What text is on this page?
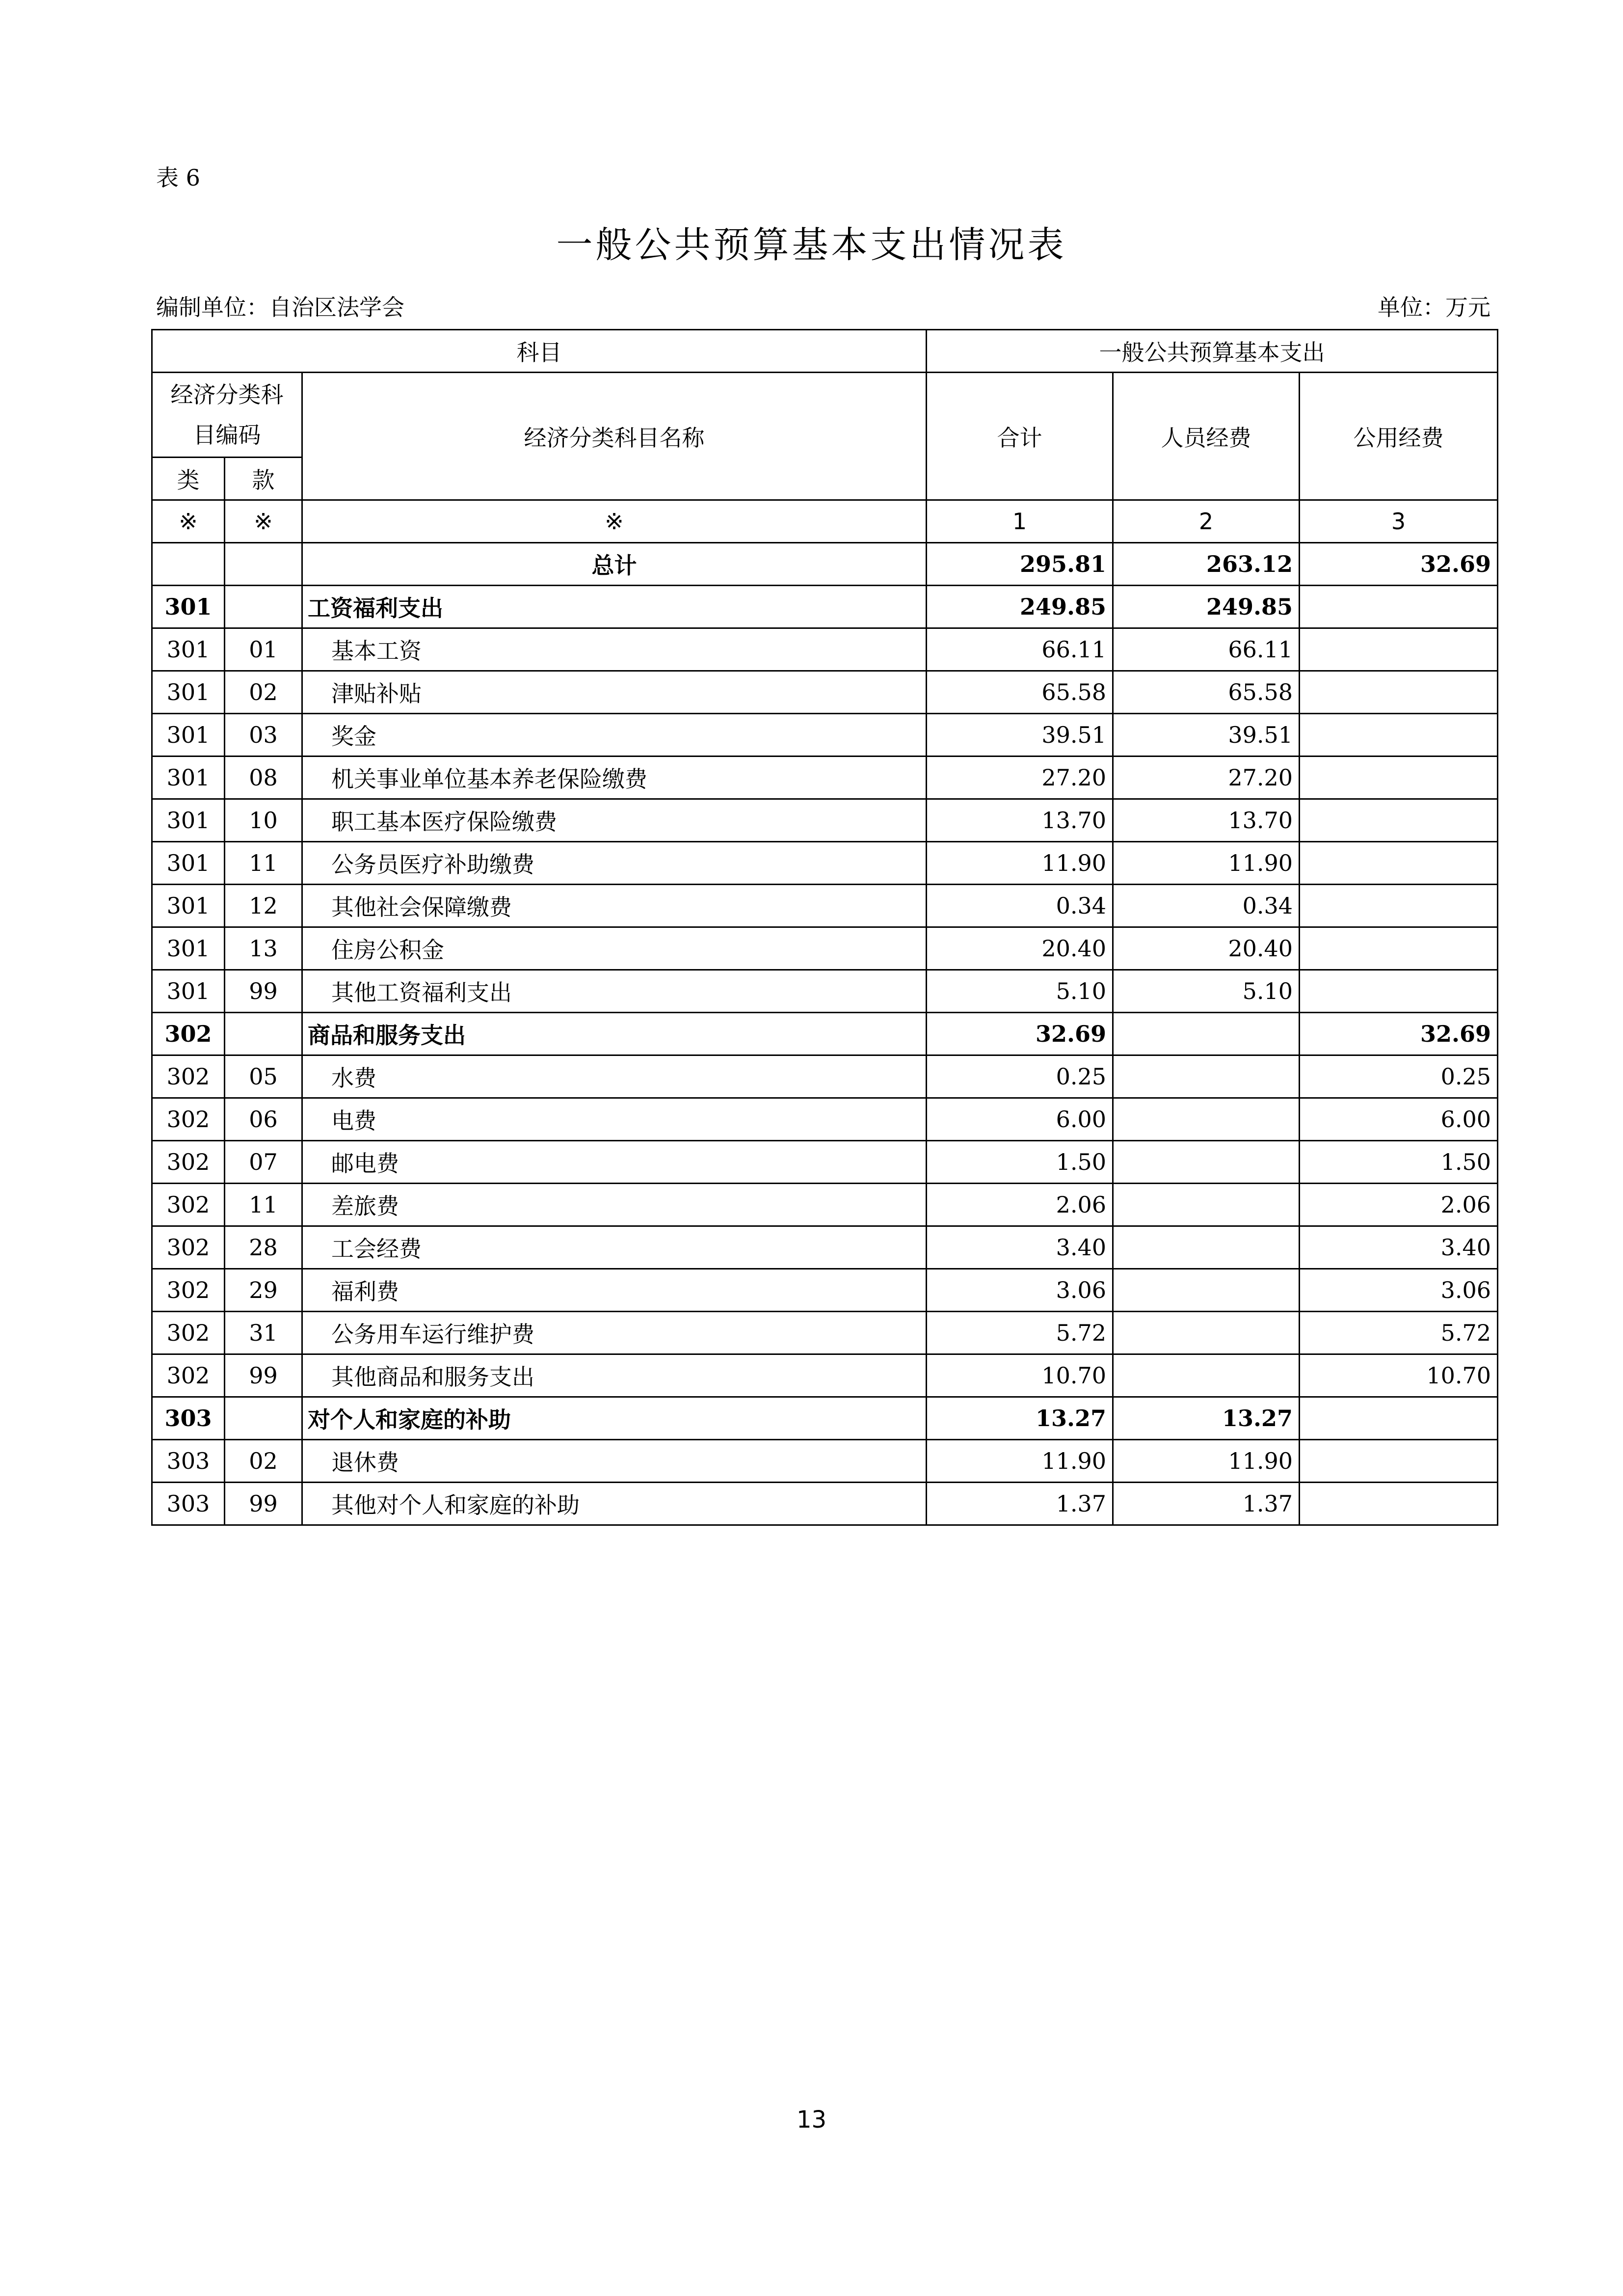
表 6
一般公共预算基本支出情况表
编制单位：自治区法学会	单位：万元
科目			一般公共预算基本支出		

经济分类科
目编码		经济分类科目名称	合计	人员经费	公用经费
类	款				
※	※	※	1	2	3
		总计	295.81	263.12	32.69
301		工资福利支出	249.85	249.85	
301	01	基本工资	66.11	66.11	
301	02	津贴补贴	65.58	65.58	
301	03	奖金	39.51	39.51	
301	08	机关事业单位基本养老保险缴费	27.20	27.20	
301	10	职工基本医疗保险缴费	13.70	13.70	
301	11	公务员医疗补助缴费	11.90	11.90	
301	12	其他社会保障缴费	0.34	0.34	
301	13	住房公积金	20.40	20.40	
301	99	其他工资福利支出	5.10	5.10	
302		商品和服务支出	32.69		32.69
302	05	水费	0.25		0.25
302	06	电费	6.00		6.00
302	07	邮电费	1.50		1.50
302	11	差旅费	2.06		2.06
302	28	工会经费	3.40		3.40
302	29	福利费	3.06		3.06
302	31	公务用车运行维护费	5.72		5.72
302	99	其他商品和服务支出	10.70		10.70
303		对个人和家庭的补助	13.27	13.27	
303	02	退休费	11.90	11.90	
303	99	其他对个人和家庭的补助	1.37	1.37	
13
